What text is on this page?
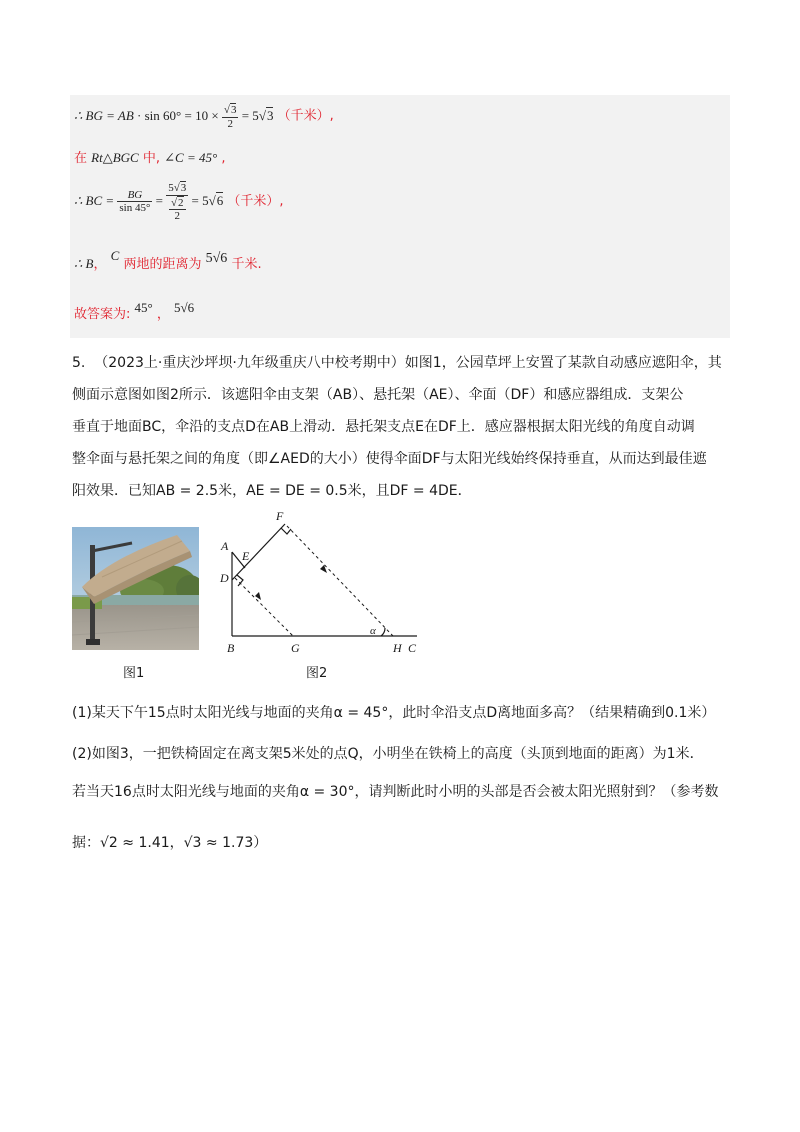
∴ BG = AB · $\sin 60^\circ = 10 \times \frac{√3}{2} = 5√3$ （千米）,
在 Rt△BGC 中, ∠C = 45° ,
∴ BC = $\frac{BG}{\sin 45^\circ} = \frac{5√3}{\frac{√2}{2}} = 5√6$ （千米）,
∴ B， C 两地的距离为 5√6 千米.
故答案为: 45° ， 5√6
5. （2023上·重庆沙坪坝·九年级重庆八中校考期中）如图1，公园草坪上安置了某款自动感应遮阳伞，其
侧面示意图如图2所示．该遮阳伞由支架（AB）、悬托架（AE）、伞面（DF）和感应器组成．支架公
垂直于地面BC，伞沿的支点D在AB上滑动．悬托架支点E在DF上．感应器根据太阳光线的角度自动调
整伞面与悬托架之间的角度（即∠AED的大小）使得伞面DF与太阳光线始终保持垂直，从而达到最佳遮
阳效果．已知AB = 2.5米，AE = DE = 0.5米，且DF = 4DE．
图1
A
E
D
F
B	G	H C
α
图2
(1)某天下午15点时太阳光线与地面的夹角α = 45°，此时伞沿支点D离地面多高？（结果精确到0.1米）
(2)如图3，一把铁椅固定在离支架5米处的点Q，小明坐在铁椅上的高度（头顶到地面的距离）为1米．
若当天16点时太阳光线与地面的夹角α = 30°，请判断此时小明的头部是否会被太阳光照射到？（参考数
据：√2 ≈ 1.41，√3 ≈ 1.73）
